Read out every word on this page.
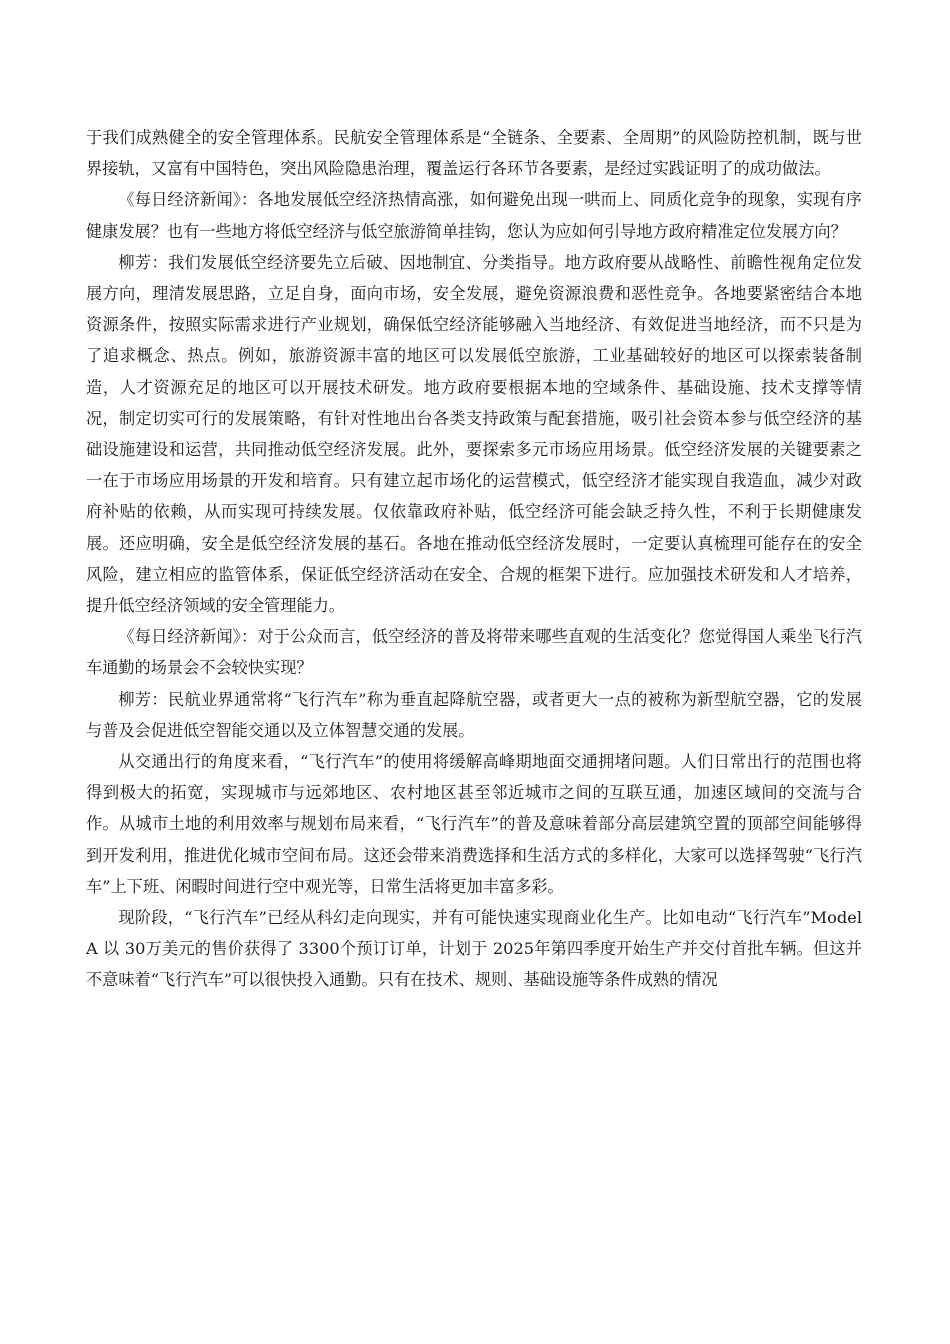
于我们成熟健全的安全管理体系。民航安全管理体系是“全链条、全要素、全周期”的风险防控机制，既与世界接轨，又富有中国特色，突出风险隐患治理，覆盖运行各环节各要素，是经过实践证明了的成功做法。

《每日经济新闻》：各地发展低空经济热情高涨，如何避免出现一哄而上、同质化竞争的现象，实现有序健康发展？也有一些地方将低空经济与低空旅游简单挂钩，您认为应如何引导地方政府精准定位发展方向？

柳芳：我们发展低空经济要先立后破、因地制宜、分类指导。地方政府要从战略性、前瞻性视角定位发展方向，理清发展思路，立足自身，面向市场，安全发展，避免资源浪费和恶性竞争。各地要紧密结合本地资源条件，按照实际需求进行产业规划，确保低空经济能够融入当地经济、有效促进当地经济，而不只是为了追求概念、热点。例如，旅游资源丰富的地区可以发展低空旅游，工业基础较好的地区可以探索装备制造，人才资源充足的地区可以开展技术研发。地方政府要根据本地的空域条件、基础设施、技术支撑等情况，制定切实可行的发展策略，有针对性地出台各类支持政策与配套措施，吸引社会资本参与低空经济的基础设施建设和运营，共同推动低空经济发展。此外，要探索多元市场应用场景。低空经济发展的关键要素之一在于市场应用场景的开发和培育。只有建立起市场化的运营模式，低空经济才能实现自我造血，减少对政府补贴的依赖，从而实现可持续发展。仅依靠政府补贴，低空经济可能会缺乏持久性，不利于长期健康发展。还应明确，安全是低空经济发展的基石。各地在推动低空经济发展时，一定要认真梳理可能存在的安全风险，建立相应的监管体系，保证低空经济活动在安全、合规的框架下进行。应加强技术研发和人才培养，提升低空经济领域的安全管理能力。

《每日经济新闻》：对于公众而言，低空经济的普及将带来哪些直观的生活变化？您觉得国人乘坐飞行汽车通勤的场景会不会较快实现？

柳芳：民航业界通常将“飞行汽车”称为垂直起降航空器，或者更大一点的被称为新型航空器，它的发展与普及会促进低空智能交通以及立体智慧交通的发展。

从交通出行的角度来看，“飞行汽车”的使用将缓解高峰期地面交通拥堵问题。人们日常出行的范围也将得到极大的拓宽，实现城市与远郊地区、农村地区甚至邻近城市之间的互联互通，加速区域间的交流与合作。从城市土地的利用效率与规划布局来看，“飞行汽车”的普及意味着部分高层建筑空置的顶部空间能够得到开发利用，推进优化城市空间布局。这还会带来消费选择和生活方式的多样化，大家可以选择驾驶“飞行汽车”上下班、闲暇时间进行空中观光等，日常生活将更加丰富多彩。

现阶段，“飞行汽车”已经从科幻走向现实，并有可能快速实现商业化生产。比如电动“飞行汽车”Model A 以 30万美元的售价获得了 3300个预订订单，计划于 2025年第四季度开始生产并交付首批车辆。但这并不意味着“飞行汽车”可以很快投入通勤。只有在技术、规则、基础设施等条件成熟的情况
